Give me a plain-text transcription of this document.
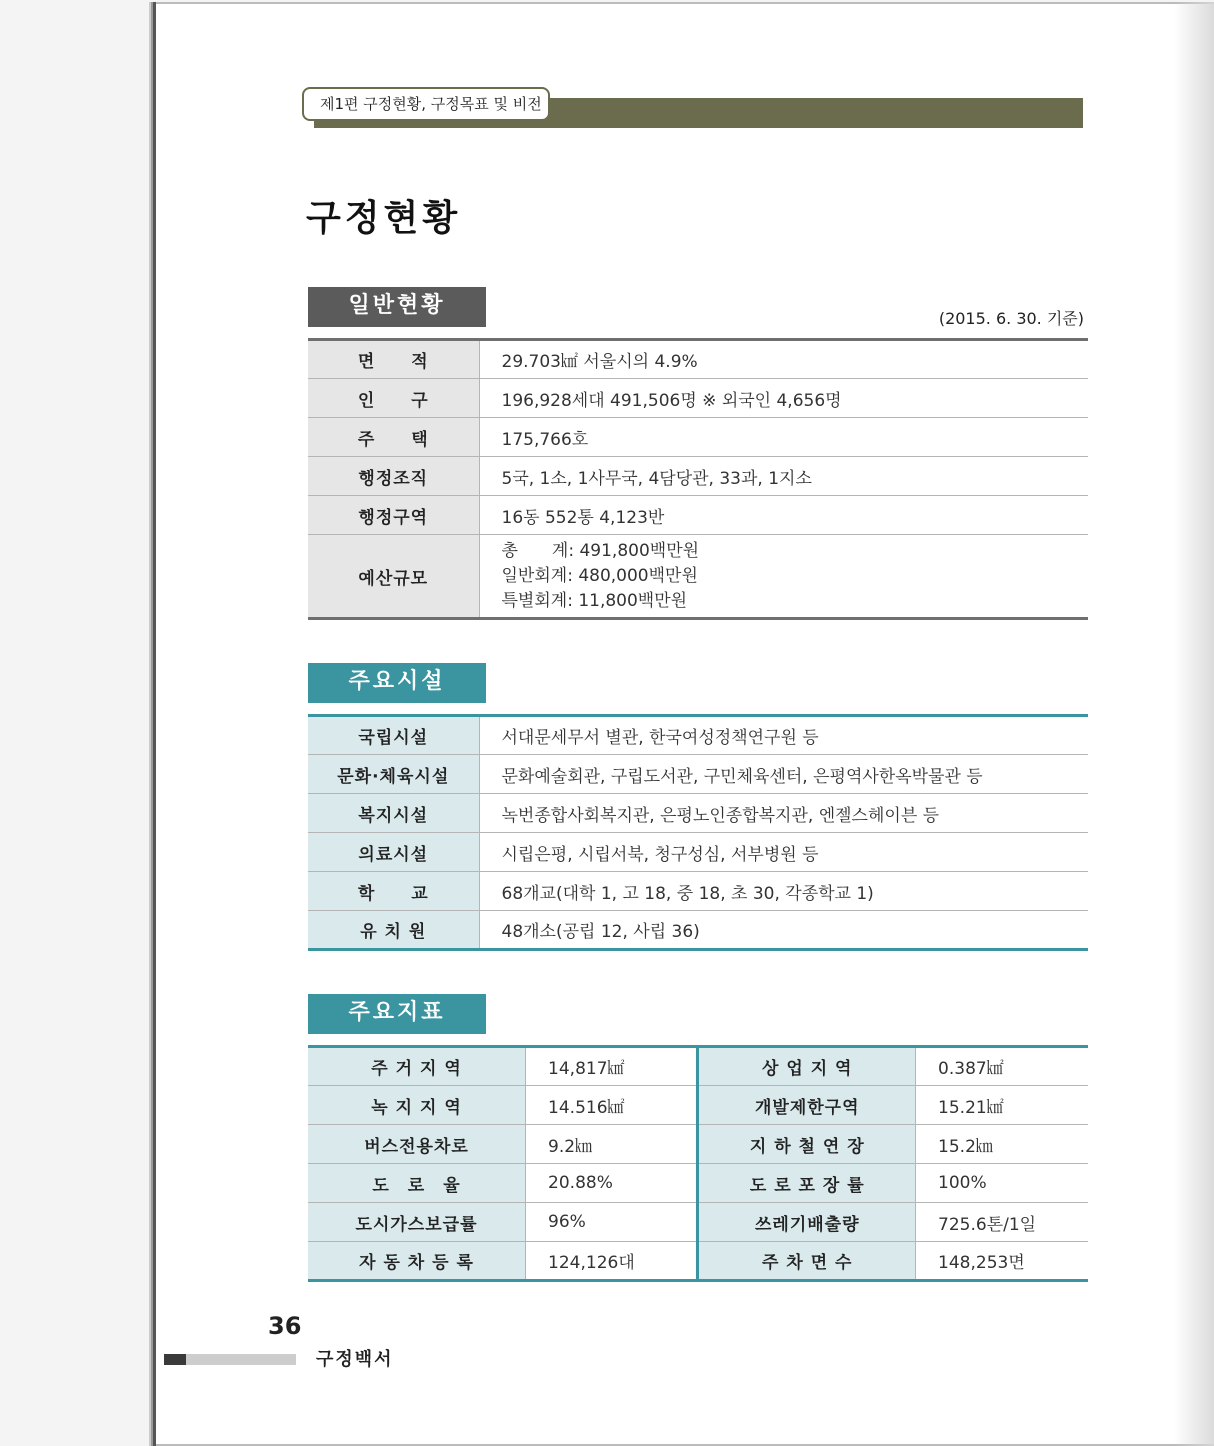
제1편 구정현황, 구정목표 및 비전
구정현황
일반현황
(2015. 6. 30. 기준)
면　　적	29.703㎢ 서울시의 4.9%
인　　구	196,928세대 491,506명 ※ 외국인 4,656명
주　　택	175,766호
행정조직	5국, 1소, 1사무국, 4담당관, 33과, 1지소
행정구역	16동 552통 4,123반
예산규모	총　　계: 491,800백만원
일반회계: 480,000백만원
특별회계: 11,800백만원
주요시설
국립시설	서대문세무서 별관, 한국여성정책연구원 등
문화·체육시설	문화예술회관, 구립도서관, 구민체육센터, 은평역사한옥박물관 등
복지시설	녹번종합사회복지관, 은평노인종합복지관, 엔젤스헤이븐 등
의료시설	시립은평, 시립서북, 청구성심, 서부병원 등
학　　교	68개교(대학 1, 고 18, 중 18, 초 30, 각종학교 1)
유 치 원	48개소(공립 12, 사립 36)
주요지표
주 거 지 역	14,817㎢	상 업 지 역	0.387㎢
녹 지 지 역	14.516㎢	개발제한구역	15.21㎢
버스전용차로	9.2㎞	지 하 철 연 장	15.2㎞
도　로　율	20.88%	도 로 포 장 률	100%
도시가스보급률	96%	쓰레기배출량	725.6톤/1일
자 동 차 등 록	124,126대	주 차 면 수	148,253면
36
구정백서
